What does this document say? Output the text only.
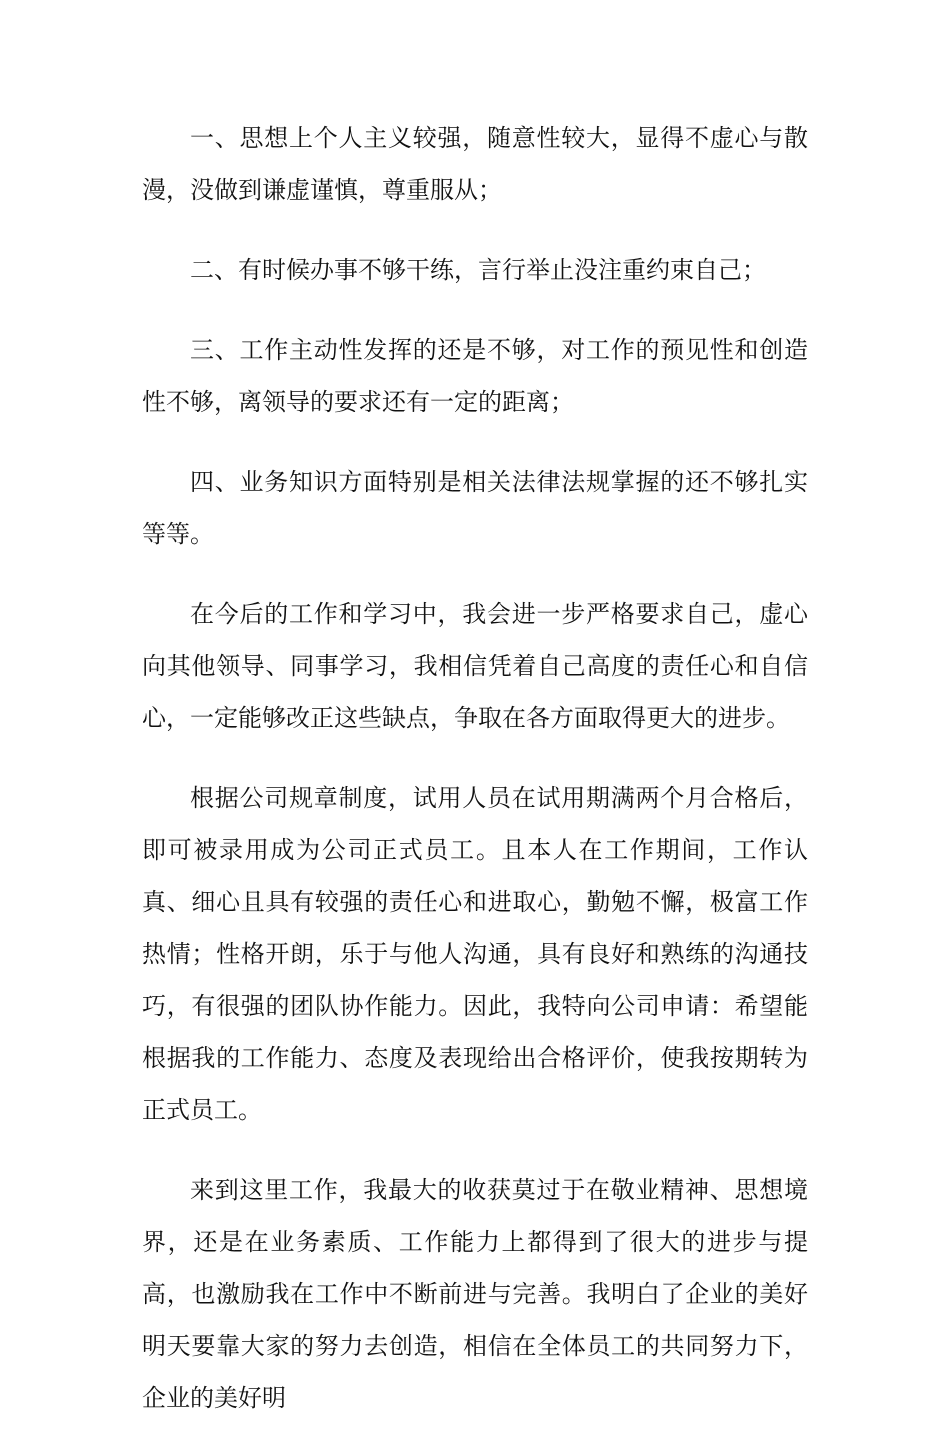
一、思想上个人主义较强，随意性较大，显得不虚心与散漫，没做到谦虚谨慎，尊重服从；

二、有时候办事不够干练，言行举止没注重约束自己；

三、工作主动性发挥的还是不够，对工作的预见性和创造性不够，离领导的要求还有一定的距离；

四、业务知识方面特别是相关法律法规掌握的还不够扎实等等。

在今后的工作和学习中，我会进一步严格要求自己，虚心向其他领导、同事学习，我相信凭着自己高度的责任心和自信心，一定能够改正这些缺点，争取在各方面取得更大的进步。

根据公司规章制度，试用人员在试用期满两个月合格后，即可被录用成为公司正式员工。且本人在工作期间，工作认真、细心且具有较强的责任心和进取心，勤勉不懈，极富工作热情；性格开朗，乐于与他人沟通，具有良好和熟练的沟通技巧，有很强的团队协作能力。因此，我特向公司申请：希望能根据我的工作能力、态度及表现给出合格评价，使我按期转为正式员工。

来到这里工作，我最大的收获莫过于在敬业精神、思想境界，还是在业务素质、工作能力上都得到了很大的进步与提高，也激励我在工作中不断前进与完善。我明白了企业的美好明天要靠大家的努力去创造，相信在全体员工的共同努力下，企业的美好明
